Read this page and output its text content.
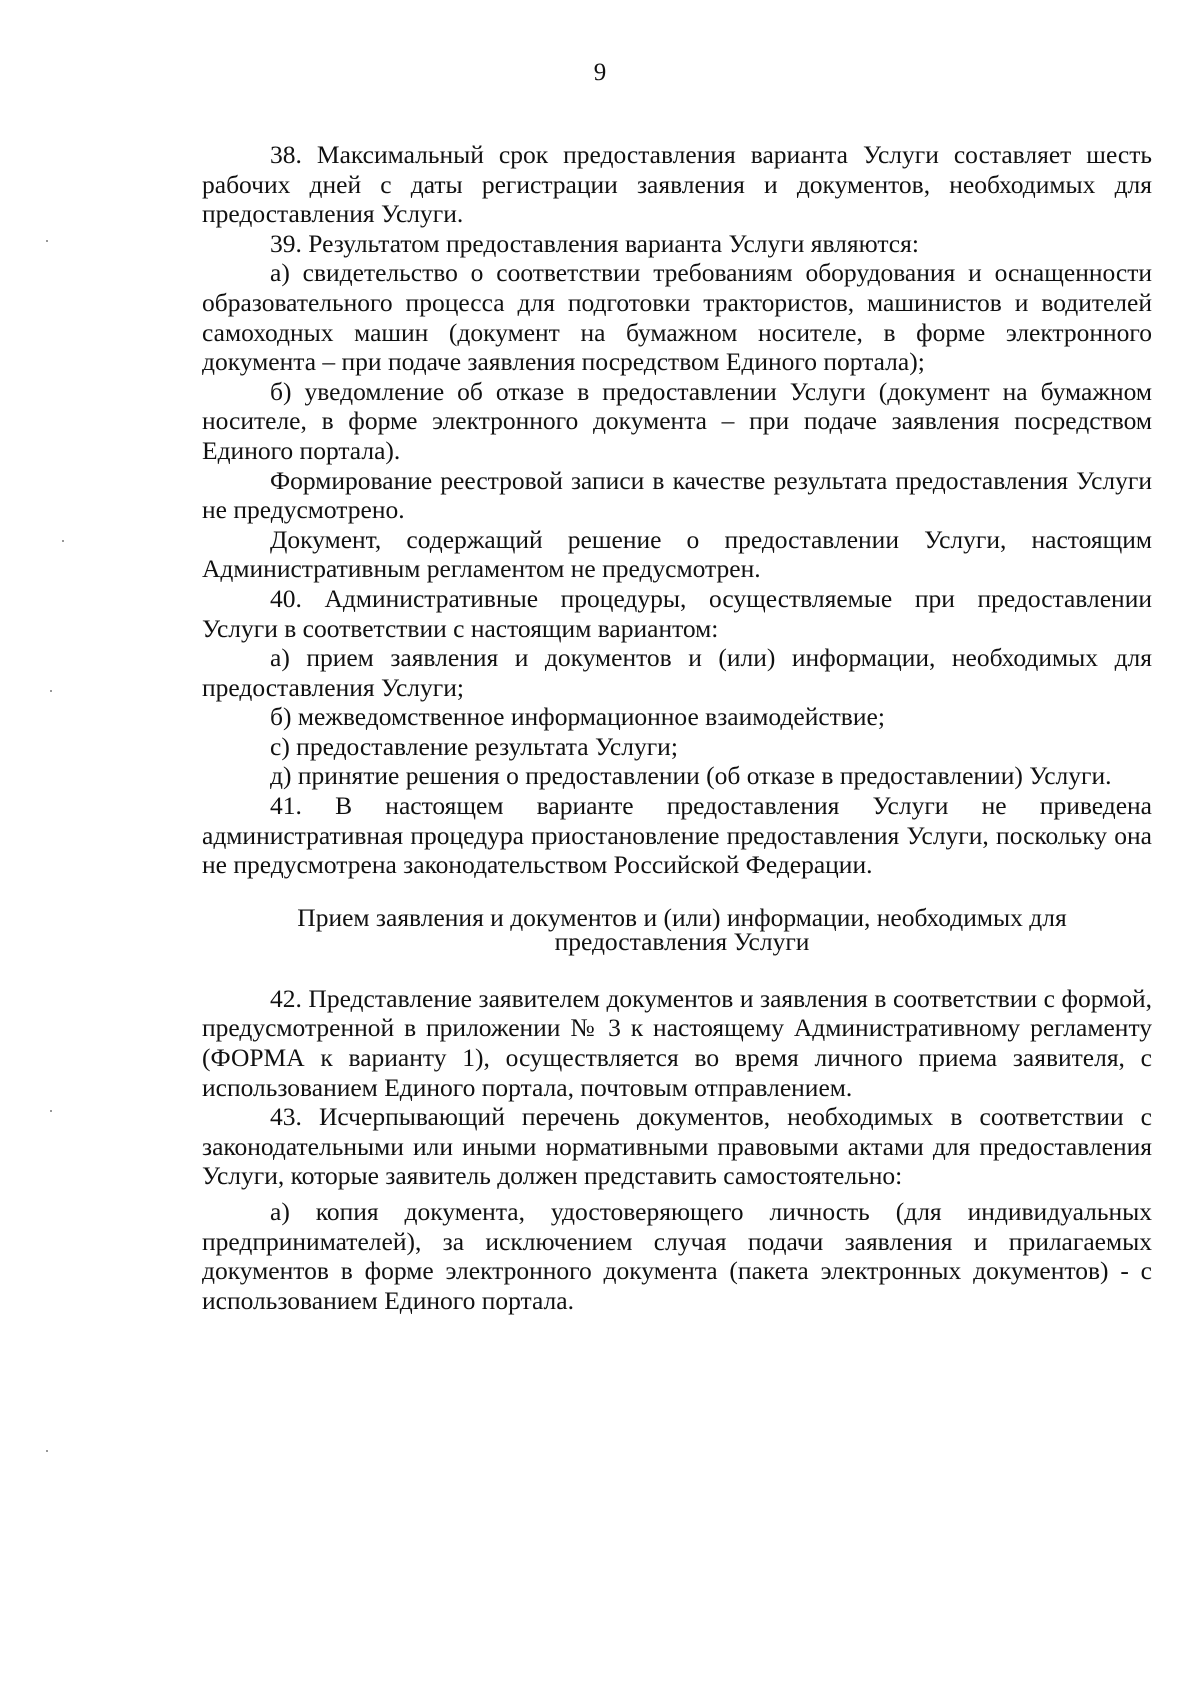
9

38. Максимальный срок предоставления варианта Услуги составляет шесть рабочих дней с даты регистрации заявления и документов, необходимых для предоставления Услуги.

39. Результатом предоставления варианта Услуги являются:

а) свидетельство о соответствии требованиям оборудования и оснащенности образовательного процесса для подготовки трактористов, машинистов и водителей самоходных машин (документ на бумажном носителе, в форме электронного документа – при подаче заявления посредством Единого портала);

б) уведомление об отказе в предоставлении Услуги (документ на бумажном носителе, в форме электронного документа – при подаче заявления посредством Единого портала).

Формирование реестровой записи в качестве результата предоставления Услуги не предусмотрено.

Документ, содержащий решение о предоставлении Услуги, настоящим Административным регламентом не предусмотрен.

40. Административные процедуры, осуществляемые при предоставлении Услуги в соответствии с настоящим вариантом:

а) прием заявления и документов и (или) информации, необходимых для предоставления Услуги;

б) межведомственное информационное взаимодействие;

с) предоставление результата Услуги;

д) принятие решения о предоставлении (об отказе в предоставлении) Услуги.

41. В настоящем варианте предоставления Услуги не приведена административная процедура приостановление предоставления Услуги, поскольку она не предусмотрена законодательством Российской Федерации.

Прием заявления и документов и (или) информации, необходимых для предоставления Услуги

42. Представление заявителем документов и заявления в соответствии с формой, предусмотренной в приложении № 3 к настоящему Административному регламенту (ФОРМА к варианту 1), осуществляется во время личного приема заявителя, с использованием Единого портала, почтовым отправлением.

43. Исчерпывающий перечень документов, необходимых в соответствии с законодательными или иными нормативными правовыми актами для предоставления Услуги, которые заявитель должен представить самостоятельно:

а) копия документа, удостоверяющего личность (для индивидуальных предпринимателей), за исключением случая подачи заявления и прилагаемых документов в форме электронного документа (пакета электронных документов) - с использованием Единого портала.
